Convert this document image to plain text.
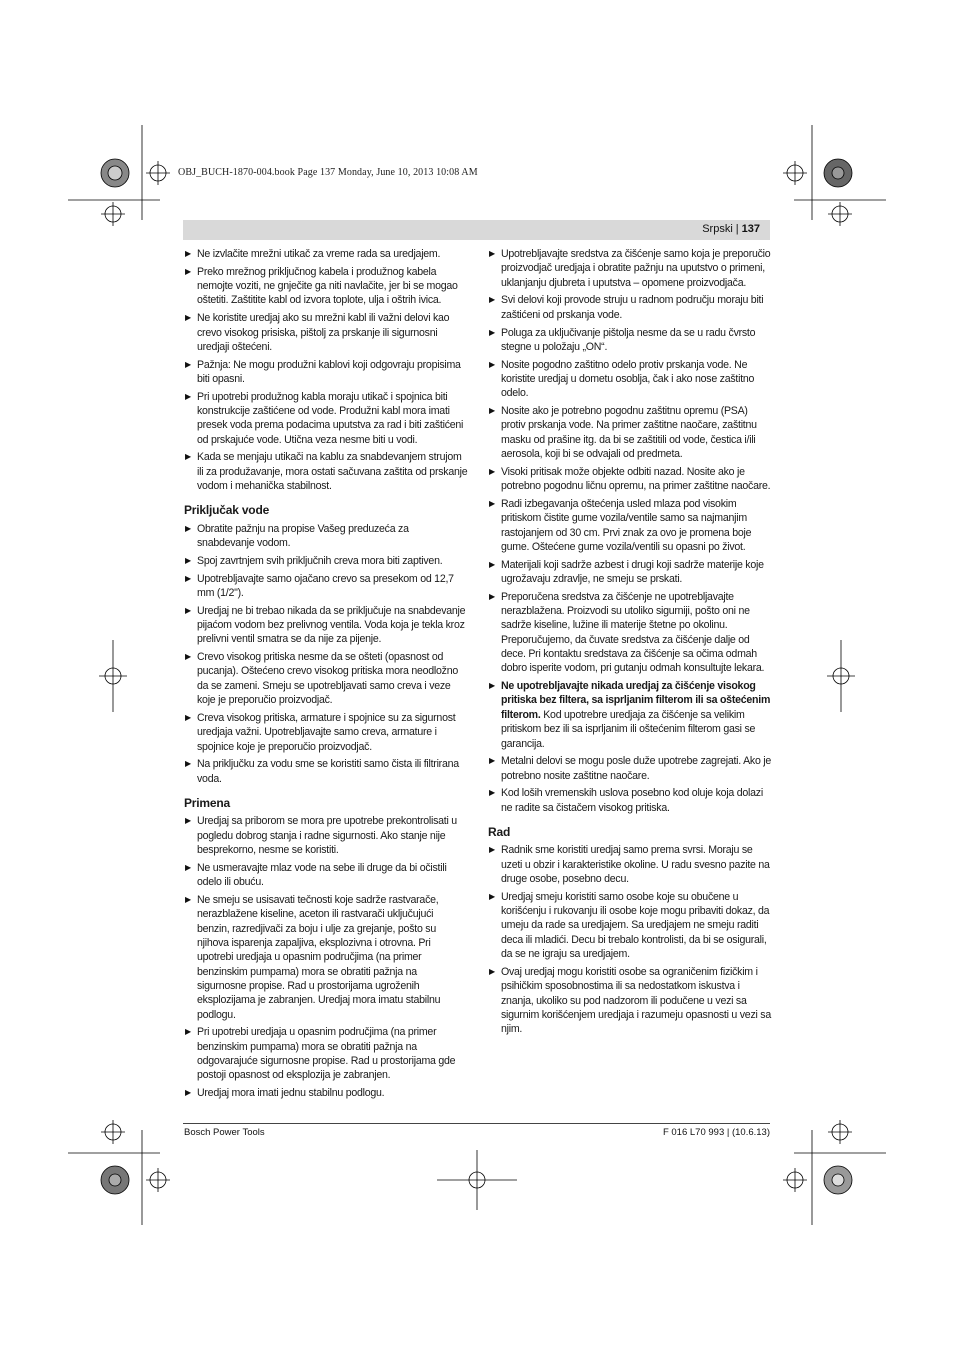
OBJ_BUCH-1870-004.book Page 137 Monday, June 10, 2013 10:08 AM
Srpski | 137
▶ Ne izvlačite mrežni utikač za vreme rada sa uredjajem.
▶ Preko mrežnog priključnog kabela i produžnog kabela nemojte voziti, ne gnječite ga niti navlačite, jer bi se mogao oštetiti. Zaštitite kabl od izvora toplote, ulja i oštrih ivica.
▶ Ne koristite uredjaj ako su mrežni kabl ili važni delovi kao crevo visokog prisiska, pištolj za prskanje ili sigurnosni uredjaji oštećeni.
▶ Pažnja: Ne mogu produžni kablovi koji odgovraju propisima biti opasni.
▶ Pri upotrebi produžnog kabla moraju utikač i spojnica biti konstrukcije zaštićene od vode. Produžni kabl mora imati presek voda prema podacima uputstva za rad i biti zaštićeni od prskajuće vode. Utična veza nesme biti u vodi.
▶ Kada se menjaju utikači na kablu za snabdevanjem strujom ili za produžavanje, mora ostati sačuvana zaštita od prskanje vodom i mehanička stabilnost.
Priključak vode
▶ Obratite pažnju na propise Vašeg preduzeća za snabdevanje vodom.
▶ Spoj zavrtnjem svih priključnih creva mora biti zaptiven.
▶ Upotrebljavajte samo ojačano crevo sa presekom od 12,7 mm (1/2").
▶ Uredjaj ne bi trebao nikada da se priključuje na snabdevanje pijaćom vodom bez prelivnog ventila. Voda koja je tekla kroz prelivni ventil smatra se da nije za pijenje.
▶ Crevo visokog pritiska nesme da se ošteti (opasnost od pucanja). Oštećeno crevo visokog pritiska mora neodložno da se zameni. Smeju se upotrebljavati samo creva i veze koje je preporučio proizvodjač.
▶ Creva visokog pritiska, armature i spojnice su za sigurnost uredjaja važni. Upotrebljavajte samo creva, armature i spojnice koje je preporučio proizvodjač.
▶ Na priključku za vodu sme se koristiti samo čista ili filtrirana voda.
Primena
▶ Uredjaj sa priborom se mora pre upotrebe prekontrolisati u pogledu dobrog stanja i radne sigurnosti. Ako stanje nije besprekorno, nesme se koristiti.
▶ Ne usmeravajte mlaz vode na sebe ili druge da bi očistili odelo ili obuću.
▶ Ne smeju se usisavati tečnosti koje sadrže rastvarače, nerazblažene kiseline, aceton ili rastvarači uključujući benzin, razredjivači za boju i ulje za grejanje, pošto su njihova isparenja zapaljiva, eksplozivna i otrovna. Pri upotrebi uredjaja u opasnim područjima (na primer benzinskim pumpama) mora se obratiti pažnja na sigurnosne propise. Rad u prostorijama ugroženih eksplozijama je zabranjen. Uredjaj mora imatu stabilnu podlogu.
▶ Pri upotrebi uredjaja u opasnim područjima (na primer benzinskim pumpama) mora se obratiti pažnja na odgovarajuće sigurnosne propise. Rad u prostorijama gde postoji opasnost od eksplozija je zabranjen.
▶ Uredjaj mora imati jednu stabilnu podlogu.
▶ Upotrebljavajte sredstva za čišćenje samo koja je preporučio proizvodjač uredjaja i obratite pažnju na uputstvo o primeni, uklanjanju djubreta i uputstva – opomene proizvodjača.
▶ Svi delovi koji provode struju u radnom području moraju biti zaštićeni od prskanja vode.
▶ Poluga za uključivanje pištolja nesme da se u radu čvrsto stegne u položaju „ON“.
▶ Nosite pogodno zaštitno odelo protiv prskanja vode. Ne koristite uredjaj u dometu osoblja, čak i ako nose zaštitno odelo.
▶ Nosite ako je potrebno pogodnu zaštitnu opremu (PSA) protiv prskanja vode. Na primer zaštitne naočare, zaštitnu masku od prašine itg. da bi se zaštitili od vode, čestica i/ili aerosola, koji bi se odvajali od predmeta.
▶ Visoki pritisak može objekte odbiti nazad. Nosite ako je potrebno pogodnu ličnu opremu, na primer zaštitne naočare.
▶ Radi izbegavanja oštećenja usled mlaza pod visokim pritiskom čistite gume vozila/ventile samo sa najmanjim rastojanjem od 30 cm. Prvi znak za ovo je promena boje gume. Oštećene gume vozila/ventili su opasni po život.
▶ Materijali koji sadrže azbest i drugi koji sadrže materije koje ugrožavaju zdravlje, ne smeju se prskati.
▶ Preporučena sredstva za čišćenje ne upotrebljavajte nerazblažena. Proizvodi su utoliko sigurniji, pošto oni ne sadrže kiseline, lužine ili materije štetne po okolinu. Preporučujemo, da čuvate sredstva za čišćenje dalje od dece. Pri kontaktu sredstava za čišćenje sa očima odmah dobro isperite vodom, pri gutanju odmah konsultujte lekara.
▶ Ne upotrebljavajte nikada uredjaj za čišćenje visokog pritiska bez filtera, sa isprljanim filterom ili sa oštećenim filterom. Kod upotrebre uredjaja za čišćenje sa velikim pritiskom bez ili sa isprljanim ili oštećenim filterom gasi se garancija.
▶ Metalni delovi se mogu posle duže upotrebe zagrejati. Ako je potrebno nosite zaštitne naočare.
▶ Kod loših vremenskih uslova posebno kod oluje koja dolazi ne radite sa čistačem visokog pritiska.
Rad
▶ Radnik sme koristiti uredjaj samo prema svrsi. Moraju se uzeti u obzir i karakteristike okoline. U radu svesno pazite na druge osobe, posebno decu.
▶ Uredjaj smeju koristiti samo osobe koje su obučene u korišćenju i rukovanju ili osobe koje mogu pribaviti dokaz, da umeju da rade sa uredjajem. Sa uredjajem ne smeju raditi deca ili mladići. Decu bi trebalo kontrolisti, da bi se osigurali, da se ne igraju sa uredjajem.
▶ Ovaj uredjaj mogu koristiti osobe sa ograničenim fizičkim i psihičkim sposobnostima ili sa nedostatkom iskustva i znanja, ukoliko su pod nadzorom ili podučene u vezi sa sigurnim korišćenjem uredjaja i razumeju opasnosti u vezi sa njim.
Bosch Power Tools	F 016 L70 993 | (10.6.13)
